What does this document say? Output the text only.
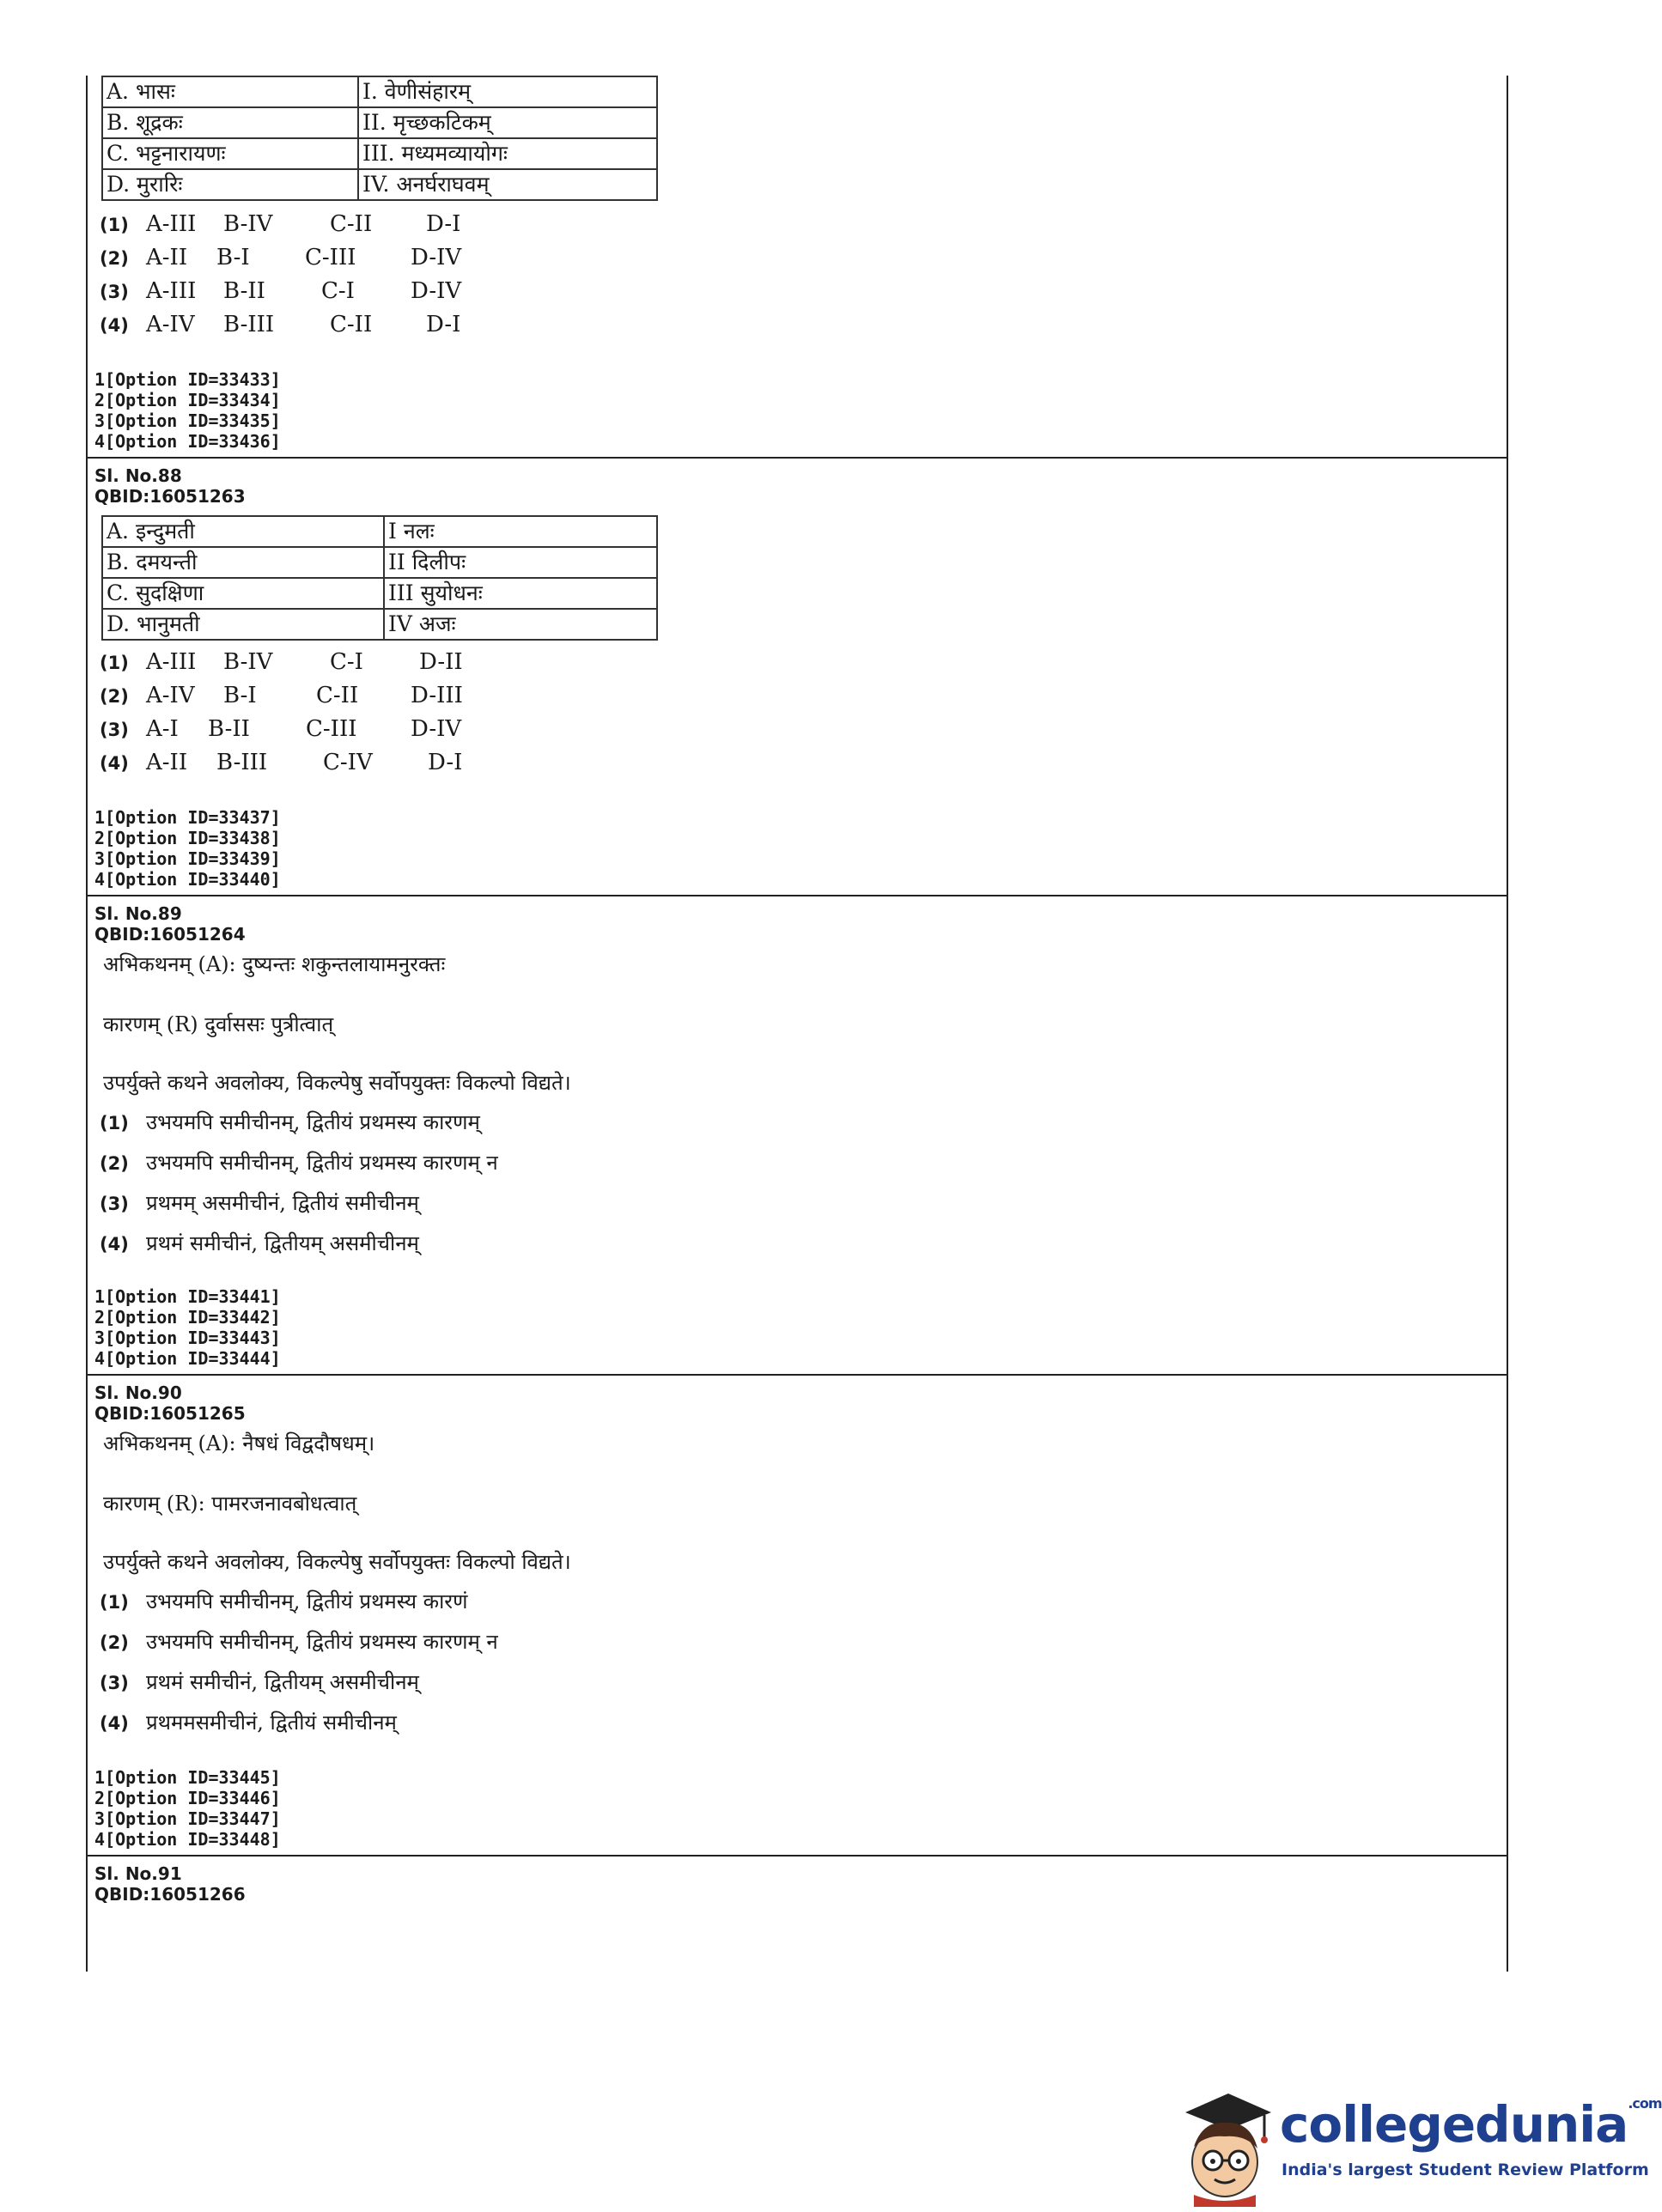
A. भासः	I. वेणीसंहारम्
B. शूद्रकः	II. मृच्छकटिकम्
C. भट्टनारायणः	III. मध्यमव्यायोगः
D. मुरारिः	IV. अनर्घराघवम्
(1) A-III	B-IV	C-II	D-I
(2) A-II	B-I	C-III	D-IV
(3) A-III	B-II	C-I	D-IV
(4) A-IV	B-III	C-II	D-I

1[Option ID=33433]

2[Option ID=33434]

3[Option ID=33435]

4[Option ID=33436]

Sl. No.88

QBID:16051263

A. इन्दुमती	I नलः
B. दमयन्ती	II दिलीपः
C. सुदक्षिणा	III सुयोधनः
D. भानुमती	IV अजः
(1) A-III	B-IV	C-I	D-II
(2) A-IV	B-I	C-II	D-III
(3) A-I	B-II	C-III	D-IV
(4) A-II	B-III	C-IV	D-I

1[Option ID=33437]

2[Option ID=33438]

3[Option ID=33439]

4[Option ID=33440]

Sl. No.89

QBID:16051264

अभिकथनम् (A): दुष्यन्तः शकुन्तलायामनुरक्तः
कारणम् (R) दुर्वाससः पुत्रीत्वात्
उपर्युक्ते कथने अवलोक्य, विकल्पेषु सर्वोपयुक्तः विकल्पो विद्यते।
(1) उभयमपि समीचीनम्, द्वितीयं प्रथमस्य कारणम्
(2) उभयमपि समीचीनम्, द्वितीयं प्रथमस्य कारणम् न
(3) प्रथमम् असमीचीनं, द्वितीयं समीचीनम्
(4) प्रथमं समीचीनं, द्वितीयम् असमीचीनम्

1[Option ID=33441]

2[Option ID=33442]

3[Option ID=33443]

4[Option ID=33444]

Sl. No.90

QBID:16051265

अभिकथनम् (A): नैषधं विद्वदौषधम्।
कारणम् (R): पामरजनावबोधत्वात्
उपर्युक्ते कथने अवलोक्य, विकल्पेषु सर्वोपयुक्तः विकल्पो विद्यते।
(1) उभयमपि समीचीनम्, द्वितीयं प्रथमस्य कारणं
(2) उभयमपि समीचीनम्, द्वितीयं प्रथमस्य कारणम् न
(3) प्रथमं समीचीनं, द्वितीयम् असमीचीनम्
(4) प्रथममसमीचीनं, द्वितीयं समीचीनम्

1[Option ID=33445]

2[Option ID=33446]

3[Option ID=33447]

4[Option ID=33448]

Sl. No.91

QBID:16051266

collegedunia$^{.com}$
India's largest Student Review Platform
